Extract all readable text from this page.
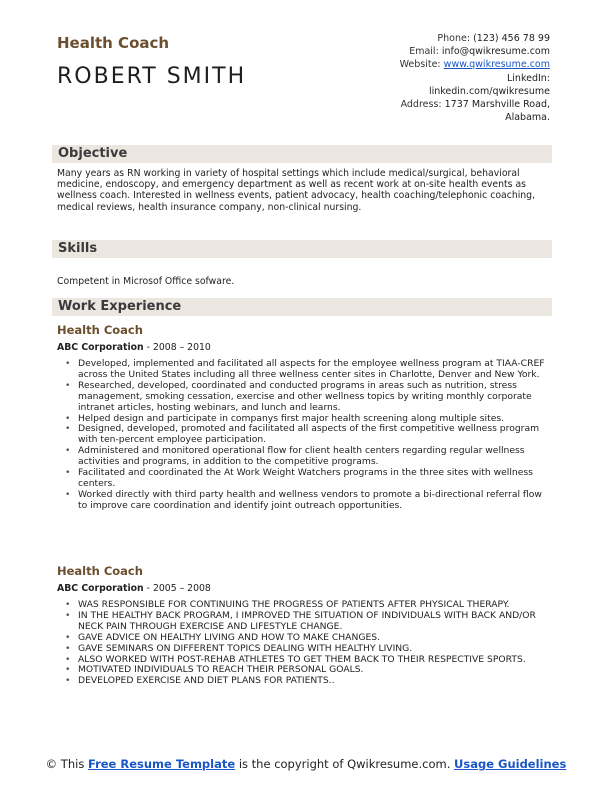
Health Coach
ROBERT SMITH
Phone: (123) 456 78 99
Email: info@qwikresume.com
Website: www.qwikresume.com
LinkedIn:
linkedin.com/qwikresume
Address: 1737 Marshville Road,
Alabama.
Objective

Many years as RN working in variety of hospital settings which include medical/surgical, behavioral medicine, endoscopy, and emergency department as well as recent work at on-site health events as wellness coach. Interested in wellness events, patient advocacy, health coaching/telephonic coaching, medical reviews, health insurance company, non-clinical nursing.

Skills

Competent in Microsof Office sofware.

Work Experience
Health Coach
ABC Corporation - 2008 – 2010
• Developed, implemented and facilitated all aspects for the employee wellness program at TIAA-CREF across the United States including all three wellness center sites in Charlotte, Denver and New York.
• Researched, developed, coordinated and conducted programs in areas such as nutrition, stress management, smoking cessation, exercise and other wellness topics by writing monthly corporate intranet articles, hosting webinars, and lunch and learns.
• Helped design and participate in companys first major health screening along multiple sites.
• Designed, developed, promoted and facilitated all aspects of the first competitive wellness program with ten-percent employee participation.
• Administered and monitored operational flow for client health centers regarding regular wellness activities and programs, in addition to the competitive programs.
• Facilitated and coordinated the At Work Weight Watchers programs in the three sites with wellness centers.
• Worked directly with third party health and wellness vendors to promote a bi-directional referral flow to improve care coordination and identify joint outreach opportunities.
Health Coach
ABC Corporation - 2005 – 2008
• WAS RESPONSIBLE FOR CONTINUING THE PROGRESS OF PATIENTS AFTER PHYSICAL THERAPY.
• IN THE HEALTHY BACK PROGRAM, I IMPROVED THE SITUATION OF INDIVIDUALS WITH BACK AND/OR NECK PAIN THROUGH EXERCISE AND LIFESTYLE CHANGE.
• GAVE ADVICE ON HEALTHY LIVING AND HOW TO MAKE CHANGES.
• GAVE SEMINARS ON DIFFERENT TOPICS DEALING WITH HEALTHY LIVING.
• ALSO WORKED WITH POST-REHAB ATHLETES TO GET THEM BACK TO THEIR RESPECTIVE SPORTS.
• MOTIVATED INDIVIDUALS TO REACH THEIR PERSONAL GOALS.
• DEVELOPED EXERCISE AND DIET PLANS FOR PATIENTS..
© This Free Resume Template is the copyright of Qwikresume.com. Usage Guidelines
